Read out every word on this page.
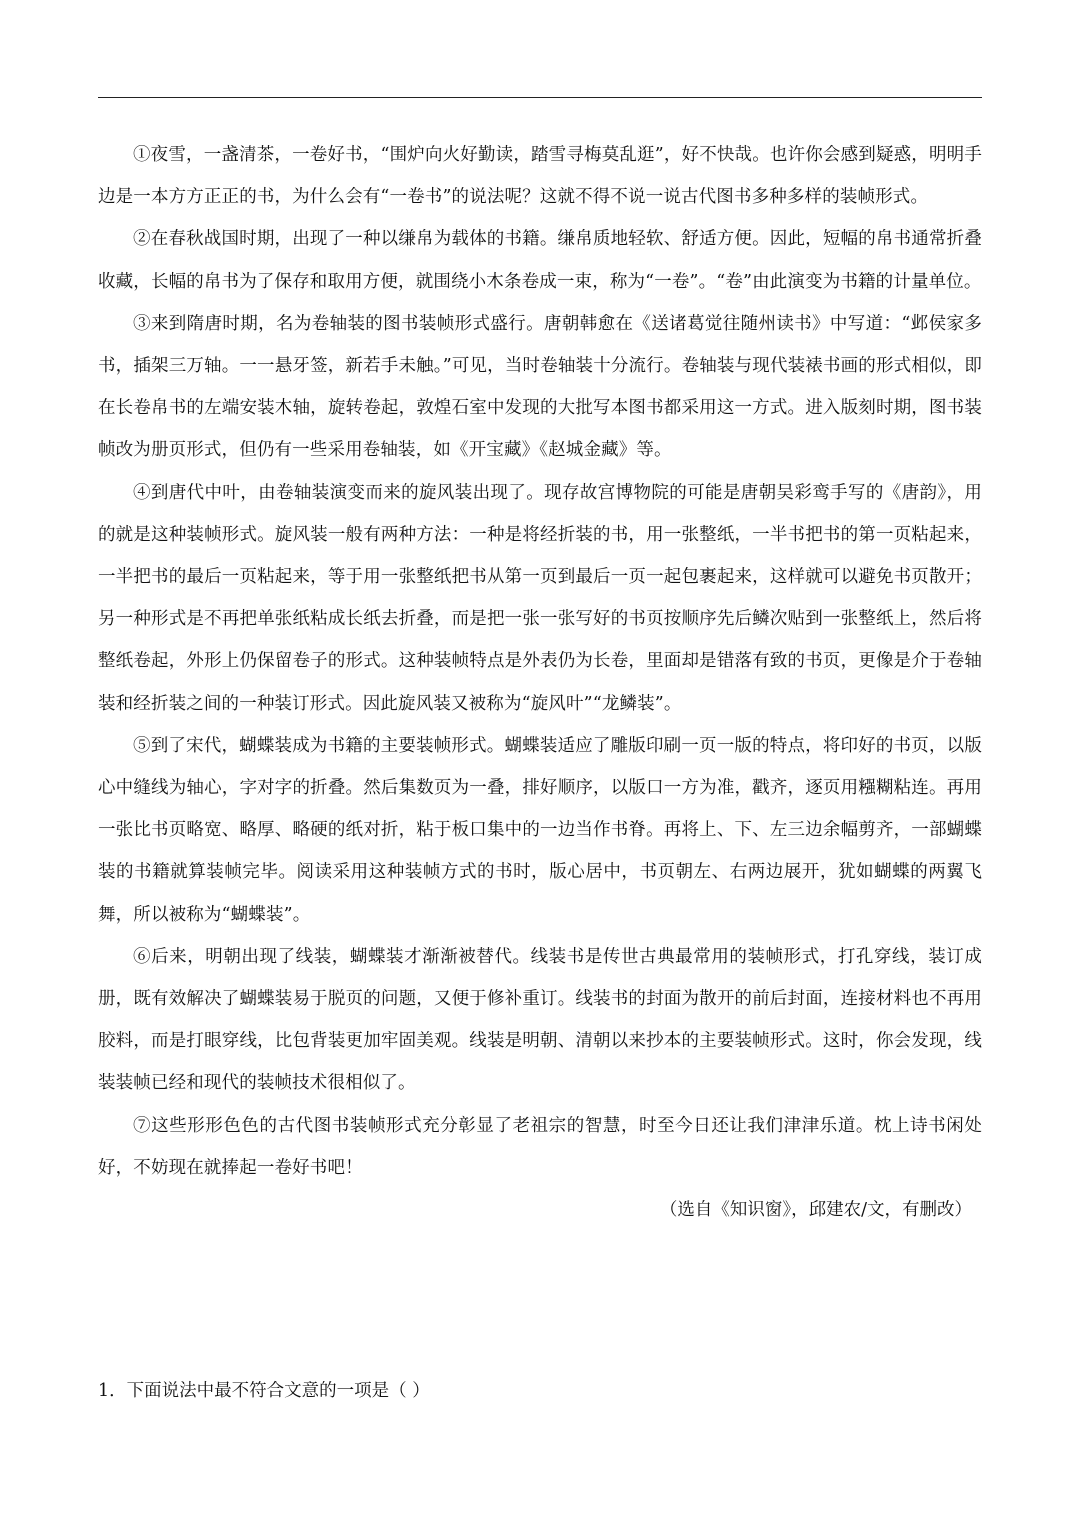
①夜雪，一盏清茶，一卷好书，“围炉向火好勤读，踏雪寻梅莫乱逛”，好不快哉。也许你会感到疑惑，明明手边是一本方方正正的书，为什么会有“一卷书”的说法呢？这就不得不说一说古代图书多种多样的装帧形式。

②在春秋战国时期，出现了一种以缣帛为载体的书籍。缣帛质地轻软、舒适方便。因此，短幅的帛书通常折叠收藏，长幅的帛书为了保存和取用方便，就围绕小木条卷成一束，称为“一卷”。“卷”由此演变为书籍的计量单位。

③来到隋唐时期，名为卷轴装的图书装帧形式盛行。唐朝韩愈在《送诸葛觉往随州读书》中写道：“邺侯家多书，插架三万轴。一一悬牙签，新若手未触。”可见，当时卷轴装十分流行。卷轴装与现代装裱书画的形式相似，即在长卷帛书的左端安装木轴，旋转卷起，敦煌石室中发现的大批写本图书都采用这一方式。进入版刻时期，图书装帧改为册页形式，但仍有一些采用卷轴装，如《开宝藏》《赵城金藏》等。

④到唐代中叶，由卷轴装演变而来的旋风装出现了。现存故宫博物院的可能是唐朝吴彩鸾手写的《唐韵》，用的就是这种装帧形式。旋风装一般有两种方法：一种是将经折装的书，用一张整纸，一半书把书的第一页粘起来，一半把书的最后一页粘起来，等于用一张整纸把书从第一页到最后一页一起包裹起来，这样就可以避免书页散开；另一种形式是不再把单张纸粘成长纸去折叠，而是把一张一张写好的书页按顺序先后鳞次贴到一张整纸上，然后将整纸卷起，外形上仍保留卷子的形式。这种装帧特点是外表仍为长卷，里面却是错落有致的书页，更像是介于卷轴装和经折装之间的一种装订形式。因此旋风装又被称为“旋风叶”“龙鳞装”。

⑤到了宋代，蝴蝶装成为书籍的主要装帧形式。蝴蝶装适应了雕版印刷一页一版的特点，将印好的书页，以版心中缝线为轴心，字对字的折叠。然后集数页为一叠，排好顺序，以版口一方为准，戳齐，逐页用糨糊粘连。再用一张比书页略宽、略厚、略硬的纸对折，粘于板口集中的一边当作书脊。再将上、下、左三边余幅剪齐，一部蝴蝶装的书籍就算装帧完毕。阅读采用这种装帧方式的书时，版心居中，书页朝左、右两边展开，犹如蝴蝶的两翼飞舞，所以被称为“蝴蝶装”。

⑥后来，明朝出现了线装，蝴蝶装才渐渐被替代。线装书是传世古典最常用的装帧形式，打孔穿线，装订成册，既有效解决了蝴蝶装易于脱页的问题，又便于修补重订。线装书的封面为散开的前后封面，连接材料也不再用胶料，而是打眼穿线，比包背装更加牢固美观。线装是明朝、清朝以来抄本的主要装帧形式。这时，你会发现，线装装帧已经和现代的装帧技术很相似了。

⑦这些形形色色的古代图书装帧形式充分彰显了老祖宗的智慧，时至今日还让我们津津乐道。枕上诗书闲处好，不妨现在就捧起一卷好书吧！

（选自《知识窗》，邱建农/文，有删改）

1．下面说法中最不符合文意的一项是（ ）
